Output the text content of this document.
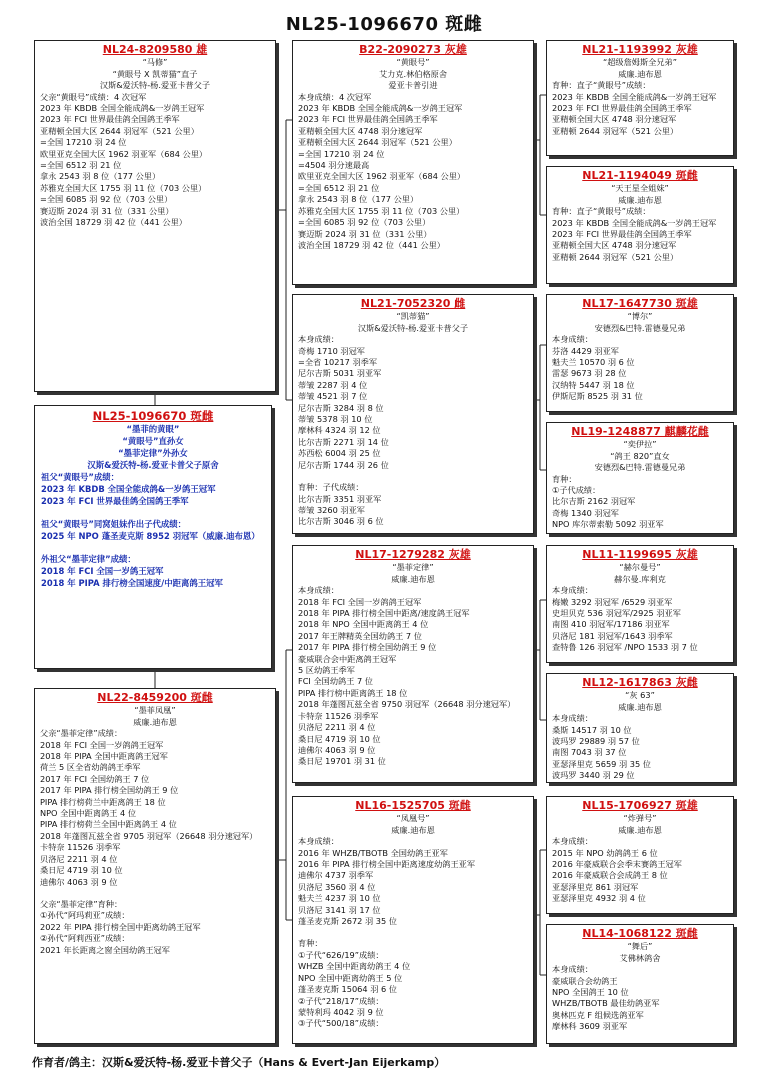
NL25-1096670 斑雌
NL24-8209580 雄
“马修”
“黄眼号 X 凯蒂猫”直子
汉斯&爱沃特-杨.爱亚卡普父子
父亲“黄眼号”成绩：4 次冠军
2023 年 KBDB 全国全能成鸽&一岁鸽王冠军
2023 年 FCI 世界最佳鸽全国鸽王季军
亚精顿全国大区 2644 羽冠军（521 公里）
=全国 17210 羽 24 位
欧里亚克全国大区 1962 羽亚军（684 公里）
=全国 6512 羽 21 位
拿永 2543 羽 8 位（177 公里）
苏雅克全国大区 1755 羽 11 位（703 公里）
=全国 6085 羽 92 位（703 公里）
赛迈斯 2024 羽 31 位（331 公里）
波治全国 18729 羽 42 位（441 公里）
NL25-1096670 斑雌
“墨菲的黄眼”
“黄眼号”直孙女
“墨菲定律”外孙女
汉斯&爱沃特-杨.爱亚卡普父子原舍
祖父“黄眼号”成绩：
2023 年 KBDB 全国全能成鸽&一岁鸽王冠军
2023 年 FCI 世界最佳鸽全国鸽王季军
祖父“黄眼号”同窝姐妹作出子代成绩：
2025 年 NPO 蓬圣麦克斯 8952 羽冠军（威廉.迪布恩）
外祖父“墨菲定律”成绩：
2018 年 FCI 全国一岁鸽王冠军
2018 年 PIPA 排行榜全国速度/中距离鸽王冠军
NL22-8459200 斑雌
“墨菲凤凰”
威廉.迪布恩
父亲“墨菲定律”成绩：
2018 年 FCI 全国一岁鸽鸽王冠军
2018 年 PIPA 全国中距离鸽王冠军
荷兰 5 区全省幼鸽鸽王季军
2017 年 FCI 全国幼鸽王 7 位
2017 年 PIPA 排行榜全国幼鸽王 9 位
PIPA 排行榜荷兰中距离鸽王 18 位
NPO 全国中距离鸽王 4 位
PIPA 排行榜荷兰全国中距离鸽王 4 位
2018 年蓬图瓦兹全省 9705 羽冠军（26648 羽分速冠军）
卡特奈 11526 羽季军
贝洛尼 2211 羽 4 位
桑日尼 4719 羽 10 位
迪佛尔 4063 羽 9 位
父亲“墨菲定律”育种：
①孙代“阿玛莉亚”成绩：
2022 年 PIPA 排行榜全国中距离幼鸽王冠军
②孙代“阿莉西亚”成绩：
2021 年长距离之窗全国幼鸽王冠军
B22-2090273 灰雄
“黄眼号”
艾力克.林伯格原舍
爱亚卡普引进
本身成绩：4 次冠军
2023 年 KBDB 全国全能成鸽&一岁鸽王冠军
2023 年 FCI 世界最佳鸽全国鸽王季军
亚精顿全国大区 4748 羽分速冠军
亚精顿全国大区 2644 羽冠军（521 公里）
=全国 17210 羽 24 位
=4504 羽分速最高
欧里亚克全国大区 1962 羽亚军（684 公里）
=全国 6512 羽 21 位
拿永 2543 羽 8 位（177 公里）
苏雅克全国大区 1755 羽 11 位（703 公里）
=全国 6085 羽 92 位（703 公里）
赛迈斯 2024 羽 31 位（331 公里）
波治全国 18729 羽 42 位（441 公里）
NL21-7052320 雌
“凯蒂猫”
汉斯&爱沃特-杨.爱亚卡普父子
本身成绩：
奇梅 1710 羽冠军
=全省 10217 羽季军
尼尔吉斯 5031 羽亚军
蒂皱 2287 羽 4 位
蒂皱 4521 羽 7 位
尼尔吉斯 3284 羽 8 位
蒂皱 5378 羽 10 位
摩林科 4324 羽 12 位
比尔吉斯 2271 羽 14 位
苏西松 6004 羽 25 位
尼尔吉斯 1744 羽 26 位
育种：子代成绩：
比尔吉斯 3351 羽亚军
蒂皱 3260 羽亚军
比尔吉斯 3046 羽 6 位
NL17-1279282 灰雄
“墨菲定律”
威廉.迪布恩
本身成绩：
2018 年 FCI 全国一岁鸽鸽王冠军
2018 年 PIPA 排行榜全国中距离/速度鸽王冠军
2018 年 NPO 全国中距离鸽王 4 位
2017 年王牌精英全国幼鸽王 7 位
2017 年 PIPA 排行榜全国幼鸽王 9 位
豪威联合会中距离鸽王冠军
5 区幼鸽王季军
FCI 全国幼鸽王 7 位
PIPA 排行榜中距离鸽王 18 位
2018 年蓬图瓦兹全省 9750 羽冠军（26648 羽分速冠军）
卡特奈 11526 羽季军
贝洛尼 2211 羽 4 位
桑日尼 4719 羽 10 位
迪佛尔 4063 羽 9 位
桑日尼 19701 羽 31 位
NL16-1525705 斑雌
“凤凰号”
威廉.迪布恩
本身成绩：
2016 年 WHZB/TBOTB 全国幼鸽王亚军
2016 年 PIPA 排行榜全国中距离速度幼鸽王亚军
迪佛尔 4737 羽季军
贝洛尼 3560 羽 4 位
魁夫兰 4237 羽 10 位
贝洛尼 3141 羽 17 位
蓬圣麦克斯 2672 羽 35 位
育种：
①子代“626/19”成绩：
WHZB 全国中距离幼鸽王 4 位
NPO 全国中距离幼鸽王 5 位
蓬圣麦克斯 15064 羽 6 位
②子代“218/17”成绩：
蒙特利玛 4042 羽 9 位
③子代“500/18”成绩：
NL21-1193992 灰雄
“超级詹姆斯全兄弟”
威廉.迪布恩
育种：直子“黄眼号”成绩：
2023 年 KBDB 全国全能成鸽&一岁鸽王冠军
2023 年 FCI 世界最佳鸽全国鸽王季军
亚精顿全国大区 4748 羽分速冠军
亚精顿 2644 羽冠军（521 公里）
NL21-1194049 斑雌
“天王星全姐妹”
威廉.迪布恩
育种：直子“黄眼号”成绩：
2023 年 KBDB 全国全能成鸽&一岁鸽王冠军
2023 年 FCI 世界最佳鸽全国鸽王季军
亚精顿全国大区 4748 羽分速冠军
亚精顿 2644 羽冠军（521 公里）
NL17-1647730 斑雄
“博尔”
安德烈&巴特.雷德曼兄弟
本身成绩：
芬洛 4429 羽亚军
魁夫兰 10570 羽 6 位
雷瑟 9673 羽 28 位
汉纳特 5447 羽 18 位
伊斯尼斯 8525 羽 31 位
NL19-1248877 麒麟花雌
“奕伊拉”
“鸽王 820”直女
安德烈&巴特.雷德曼兄弟
育种：
①子代成绩：
比尔吉斯 2162 羽冠军
奇梅 1340 羽冠军
NPO 库尔蒂索勒 5092 羽亚军
NL11-1199695 灰雄
“赫尔曼号”
赫尔曼.库利克
本身成绩：
梅嫩 3292 羽冠军 /6529 羽亚军
史坦贝克 536 羽冠军/2925 羽亚军
南图 410 羽冠军/17186 羽亚军
贝洛尼 181 羽冠军/1643 羽季军
查特鲁 126 羽冠军 /NPO 1533 羽 7 位
NL12-1617863 灰雌
“灰 63”
威廉.迪布恩
本身成绩：
桑斯 14517 羽 10 位
波玛罗 29889 羽 57 位
南图 7043 羽 37 位
亚瑟泽里克 5659 羽 35 位
波玛罗 3440 羽 29 位
NL15-1706927 斑雄
“炸弹号”
威廉.迪布恩
本身成绩：
2015 年 NPO 幼鸽鸽王 6 位
2016 年豪威联合会季末赛鸽王冠军
2016 年豪威联合会成鸽王 8 位
亚瑟泽里克 861 羽冠军
亚瑟泽里克 4932 羽 4 位
NL14-1068122 斑雌
“舞后”
艾佛林鸽舍
本身成绩：
豪威联合会幼鸽王
NPO 全国鸽王 10 位
WHZB/TBOTB 最佳幼鸽亚军
奥林匹克 F 组候选鸽亚军
摩林科 3609 羽亚军
作育者/鸽主：汉斯&爱沃特-杨.爱亚卡普父子（Hans & Evert-Jan Eijerkamp）
